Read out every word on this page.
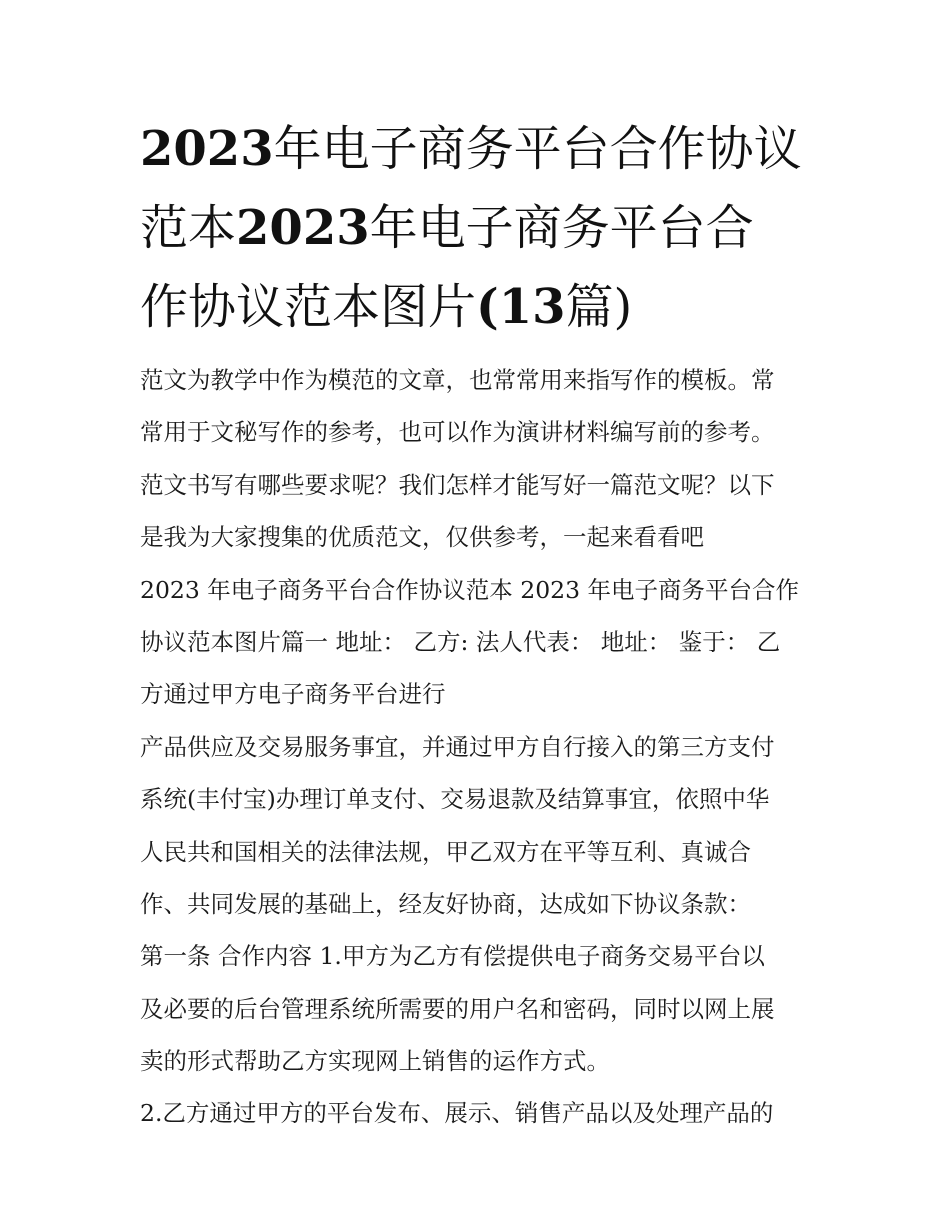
2023年电子商务平台合作协议
范本2023年电子商务平台合
作协议范本图片(13篇)
范文为教学中作为模范的文章，也常常用来指写作的模板。常
常用于文秘写作的参考，也可以作为演讲材料编写前的参考。
范文书写有哪些要求呢？我们怎样才能写好一篇范文呢？以下
是我为大家搜集的优质范文，仅供参考，一起来看看吧
2023 年电子商务平台合作协议范本 2023 年电子商务平台合作
协议范本图片篇一 地址： 乙方: 法人代表： 地址： 鉴于： 乙
方通过甲方电子商务平台进行
产品供应及交易服务事宜，并通过甲方自行接入的第三方支付
系统(丰付宝)办理订单支付、交易退款及结算事宜，依照中华
人民共和国相关的法律法规，甲乙双方在平等互利、真诚合
作、共同发展的基础上，经友好协商，达成如下协议条款：
第一条 合作内容 1.甲方为乙方有偿提供电子商务交易平台以
及必要的后台管理系统所需要的用户名和密码，同时以网上展
卖的形式帮助乙方实现网上销售的运作方式。
2.乙方通过甲方的平台发布、展示、销售产品以及处理产品的
